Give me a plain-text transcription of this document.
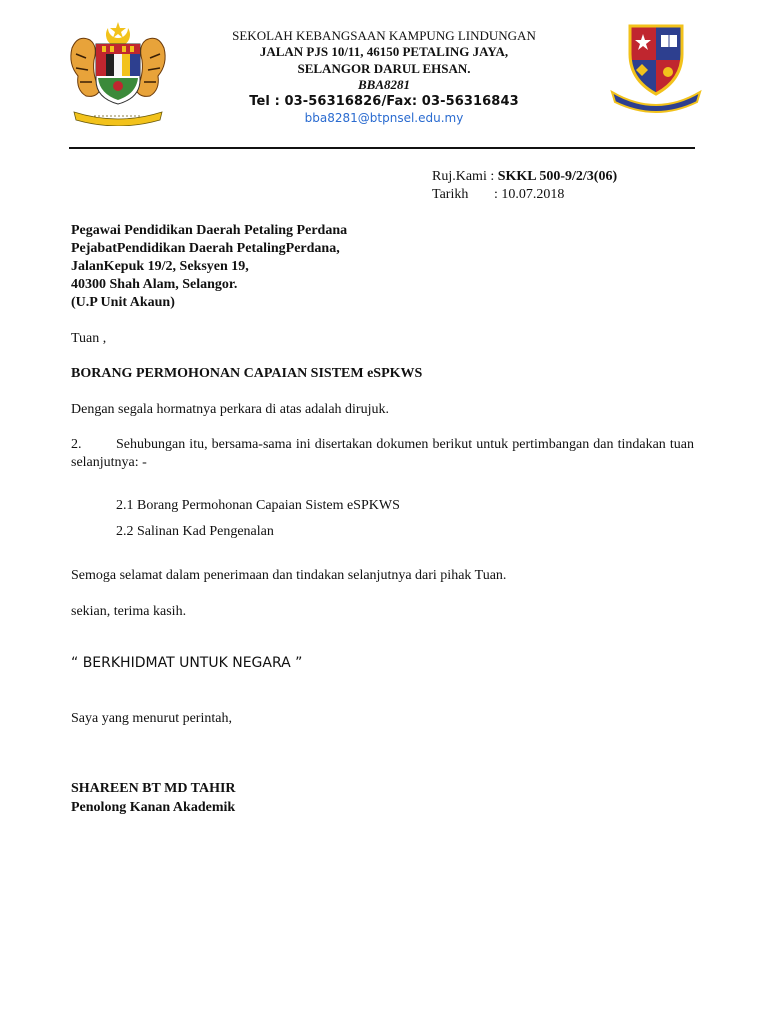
SEKOLAH KEBANGSAAN KAMPUNG LINDUNGAN
JALAN PJS 10/11, 46150 PETALING JAYA,
SELANGOR DARUL EHSAN.
BBA8281
Tel : 03-56316826/Fax: 03-56316843
bba8281@btpnsel.edu.my
Ruj.Kami : SKKL 500-9/2/3(06)
Tarikh : 10.07.2018
Pegawai Pendidikan Daerah Petaling Perdana
PejabatPendidikan Daerah PetalingPerdana,
JalanKepuk 19/2, Seksyen 19,
40300 Shah Alam, Selangor.
(U.P Unit Akaun)
Tuan ,
BORANG PERMOHONAN CAPAIAN SISTEM eSPKWS
Dengan segala hormatnya perkara di atas adalah dirujuk.
2. Sehubungan itu, bersama-sama ini disertakan dokumen berikut untuk pertimbangan dan tindakan tuan selanjutnya: -
2.1 Borang Permohonan Capaian Sistem eSPKWS
2.2 Salinan Kad Pengenalan
Semoga selamat dalam penerimaan dan tindakan selanjutnya dari pihak Tuan.
sekian, terima kasih.
“ BERKHIDMAT UNTUK NEGARA ”
Saya yang menurut perintah,
SHAREEN BT MD TAHIR
Penolong Kanan Akademik
